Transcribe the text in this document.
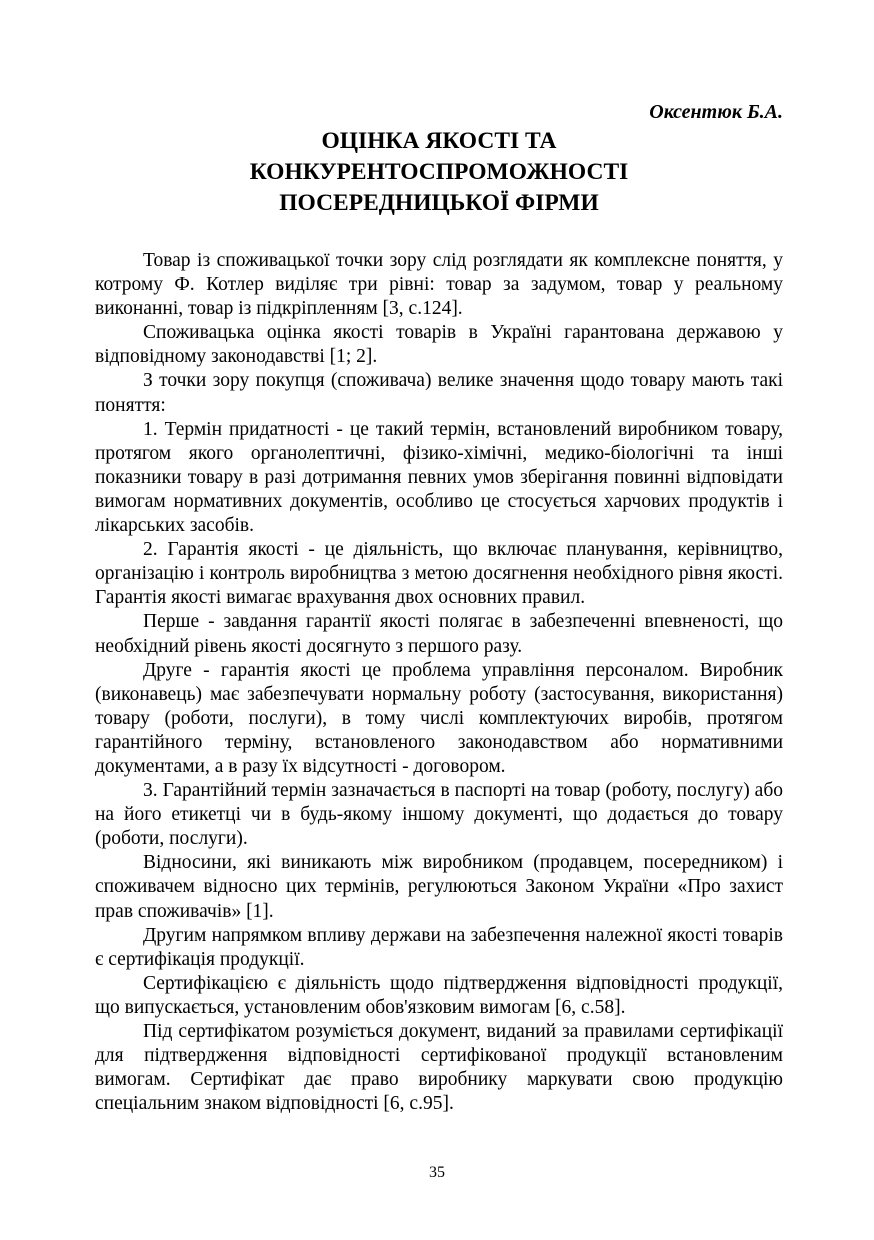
Оксентюк Б.А.
ОЦІНКА ЯКОСТІ ТА КОНКУРЕНТОСПРОМОЖНОСТІ ПОСЕРЕДНИЦЬКОЇ ФІРМИ

Товар із споживацької точки зору слід розглядати як комплексне поняття, у котрому Ф. Котлер виділяє три рівні: товар за задумом, товар у реальному виконанні, товар із підкріпленням [3, с.124].

Споживацька оцінка якості товарів в Україні гарантована державою у відповідному законодавстві [1; 2].

З точки зору покупця (споживача) велике значення щодо товару мають такі поняття:

1. Термін придатності - це такий термін, встановлений виробником товару, протягом якого органолептичні, фізико-хімічні, медико-біологічні та інші показники товару в разі дотримання певних умов зберігання повинні відповідати вимогам нормативних документів, особливо це стосується харчових продуктів і лікарських засобів.

2. Гарантія якості - це діяльність, що включає планування, керівництво, організацію і контроль виробництва з метою досягнення необхідного рівня якості. Гарантія якості вимагає врахування двох основних правил.

Перше - завдання гарантії якості полягає в забезпеченні впевненості, що необхідний рівень якості досягнуто з першого разу.

Друге - гарантія якості це проблема управління персоналом. Виробник (виконавець) має забезпечувати нормальну роботу (застосування, використання) товару (роботи, послуги), в тому числі комплектуючих виробів, протягом гарантійного терміну, встановленого законодавством або нормативними документами, а в разу їх відсутності - договором.

3. Гарантійний термін зазначається в паспорті на товар (роботу, послугу) або на його етикетці чи в будь-якому іншому документі, що додається до товару (роботи, послуги).

Відносини, які виникають між виробником (продавцем, посередником) і споживачем відносно цих термінів, регулюються Законом України «Про захист прав споживачів» [1].

Другим напрямком впливу держави на забезпечення належної якості товарів є сертифікація продукції.

Сертифікацією є діяльність щодо підтвердження відповідності продукції, що випускається, установленим обов'язковим вимогам [6, с.58].

Під сертифікатом розуміється документ, виданий за правилами сертифікації для підтвердження відповідності сертифікованої продукції встановленим вимогам. Сертифікат дає право виробнику маркувати свою продукцію спеціальним знаком відповідності [6, с.95].

35
